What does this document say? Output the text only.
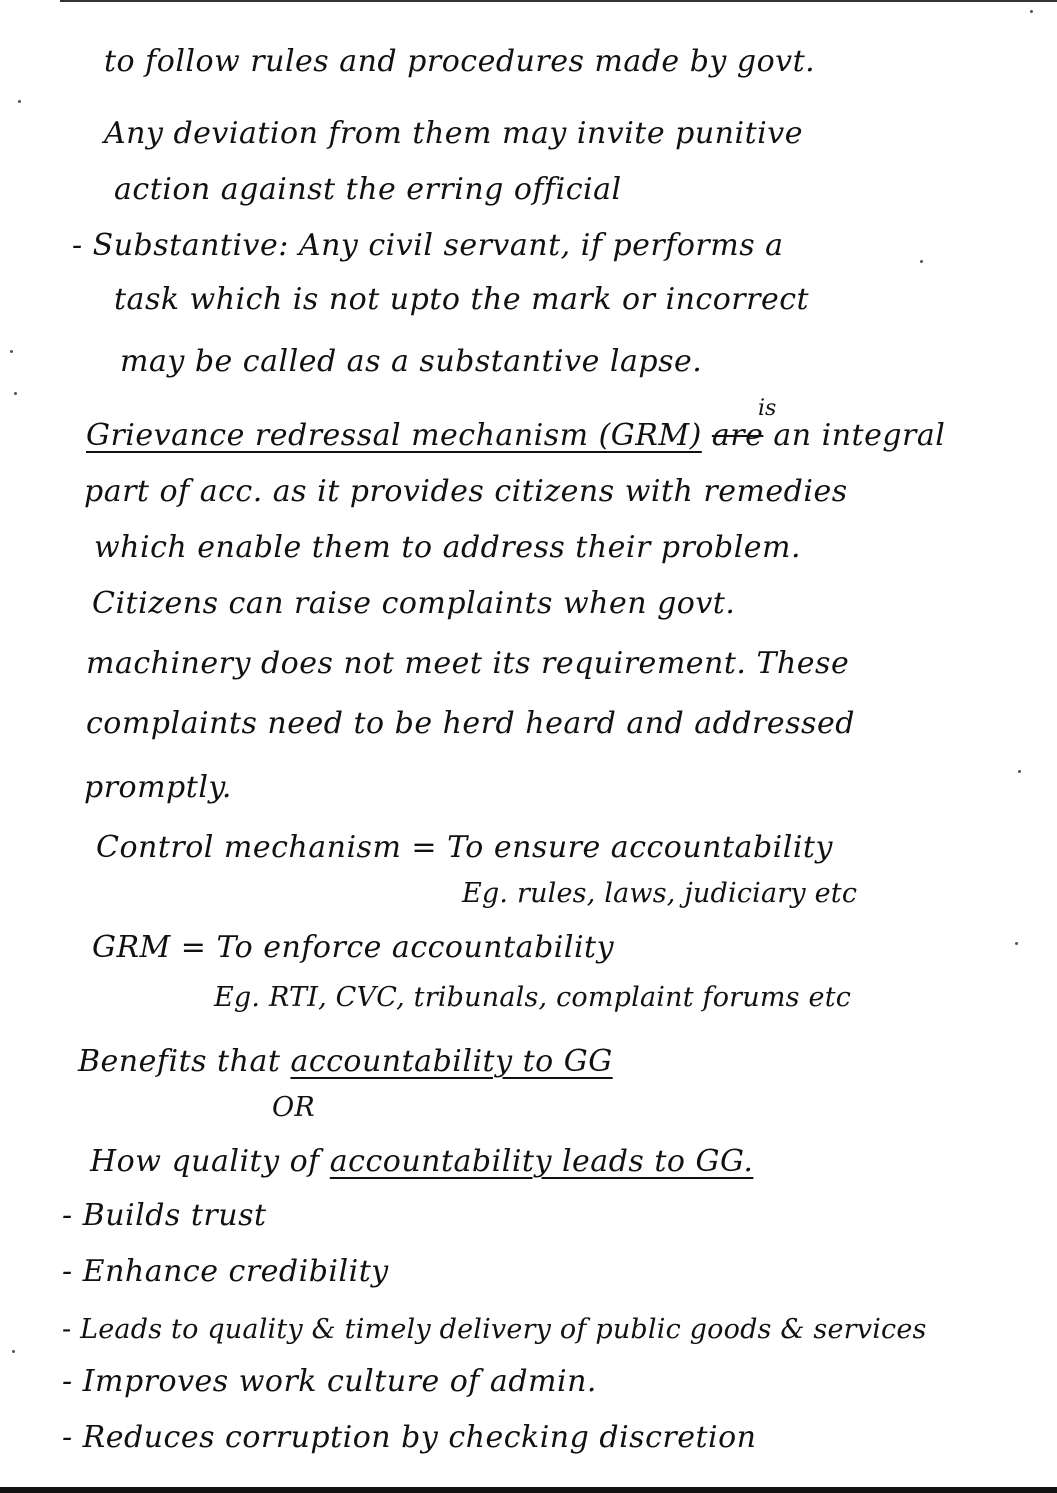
to follow rules and procedures made by govt.
Any deviation from them may invite punitive
action against the erring official
- Substantive: Any civil servant, if performs a
task which is not upto the mark or incorrect
may be called as a substantive lapse.
Grievance redressal mechanism (GRM) are an integral
is
part of acc. as it provides citizens with remedies
which enable them to address their problem.
Citizens can raise complaints when govt.
machinery does not meet its requirement. These
complaints need to be herd heard and addressed
promptly.
Control mechanism = To ensure accountability
Eg. rules, laws, judiciary etc
GRM = To enforce accountability
Eg. RTI, CVC, tribunals, complaint forums etc
Benefits that accountability to GG
OR
How quality of accountability leads to GG.
- Builds trust
- Enhance credibility
- Leads to quality & timely delivery of public goods & services
- Improves work culture of admin.
- Reduces corruption by checking discretion
